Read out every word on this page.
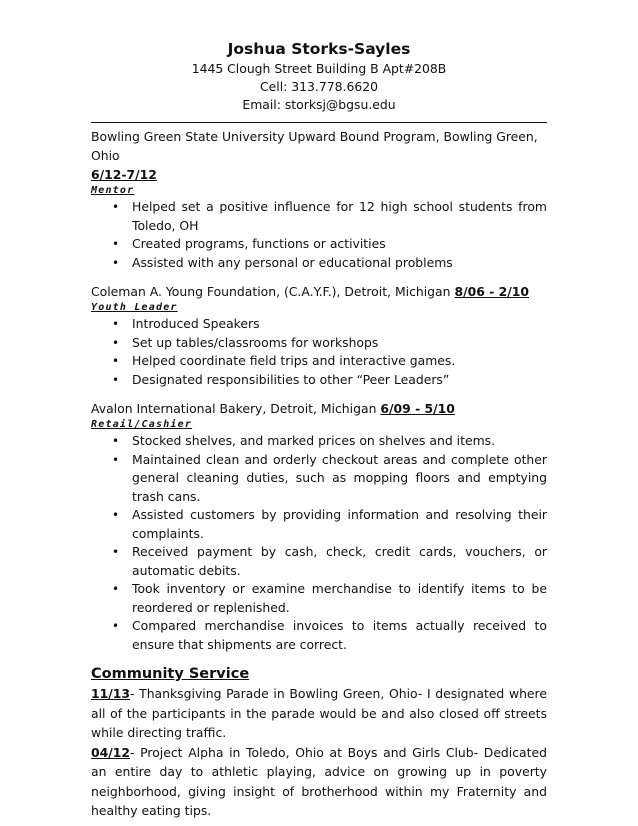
Joshua Storks-Sayles
1445 Clough Street Building B Apt#208B
Cell: 313.778.6620
Email: storksj@bgsu.edu
Bowling Green State University Upward Bound Program, Bowling Green, Ohio
6/12-7/12
Mentor
• Helped set a positive influence for 12 high school students from Toledo, OH
• Created programs, functions or activities
• Assisted with any personal or educational problems
Coleman A. Young Foundation, (C.A.Y.F.), Detroit, Michigan 8/06 - 2/10
Youth Leader
• Introduced Speakers
• Set up tables/classrooms for workshops
• Helped coordinate field trips and interactive games.
• Designated responsibilities to other “Peer Leaders”
Avalon International Bakery, Detroit, Michigan 6/09 - 5/10
Retail/Cashier
• Stocked shelves, and marked prices on shelves and items.
• Maintained clean and orderly checkout areas and complete other general cleaning duties, such as mopping floors and emptying trash cans.
• Assisted customers by providing information and resolving their complaints.
• Received payment by cash, check, credit cards, vouchers, or automatic debits.
• Took inventory or examine merchandise to identify items to be reordered or replenished.
• Compared merchandise invoices to items actually received to ensure that shipments are correct.
Community Service
11/13- Thanksgiving Parade in Bowling Green, Ohio- I designated where all of the participants in the parade would be and also closed off streets while directing traffic.
04/12- Project Alpha in Toledo, Ohio at Boys and Girls Club- Dedicated an entire day to athletic playing, advice on growing up in poverty neighborhood, giving insight of brotherhood within my Fraternity and healthy eating tips.
